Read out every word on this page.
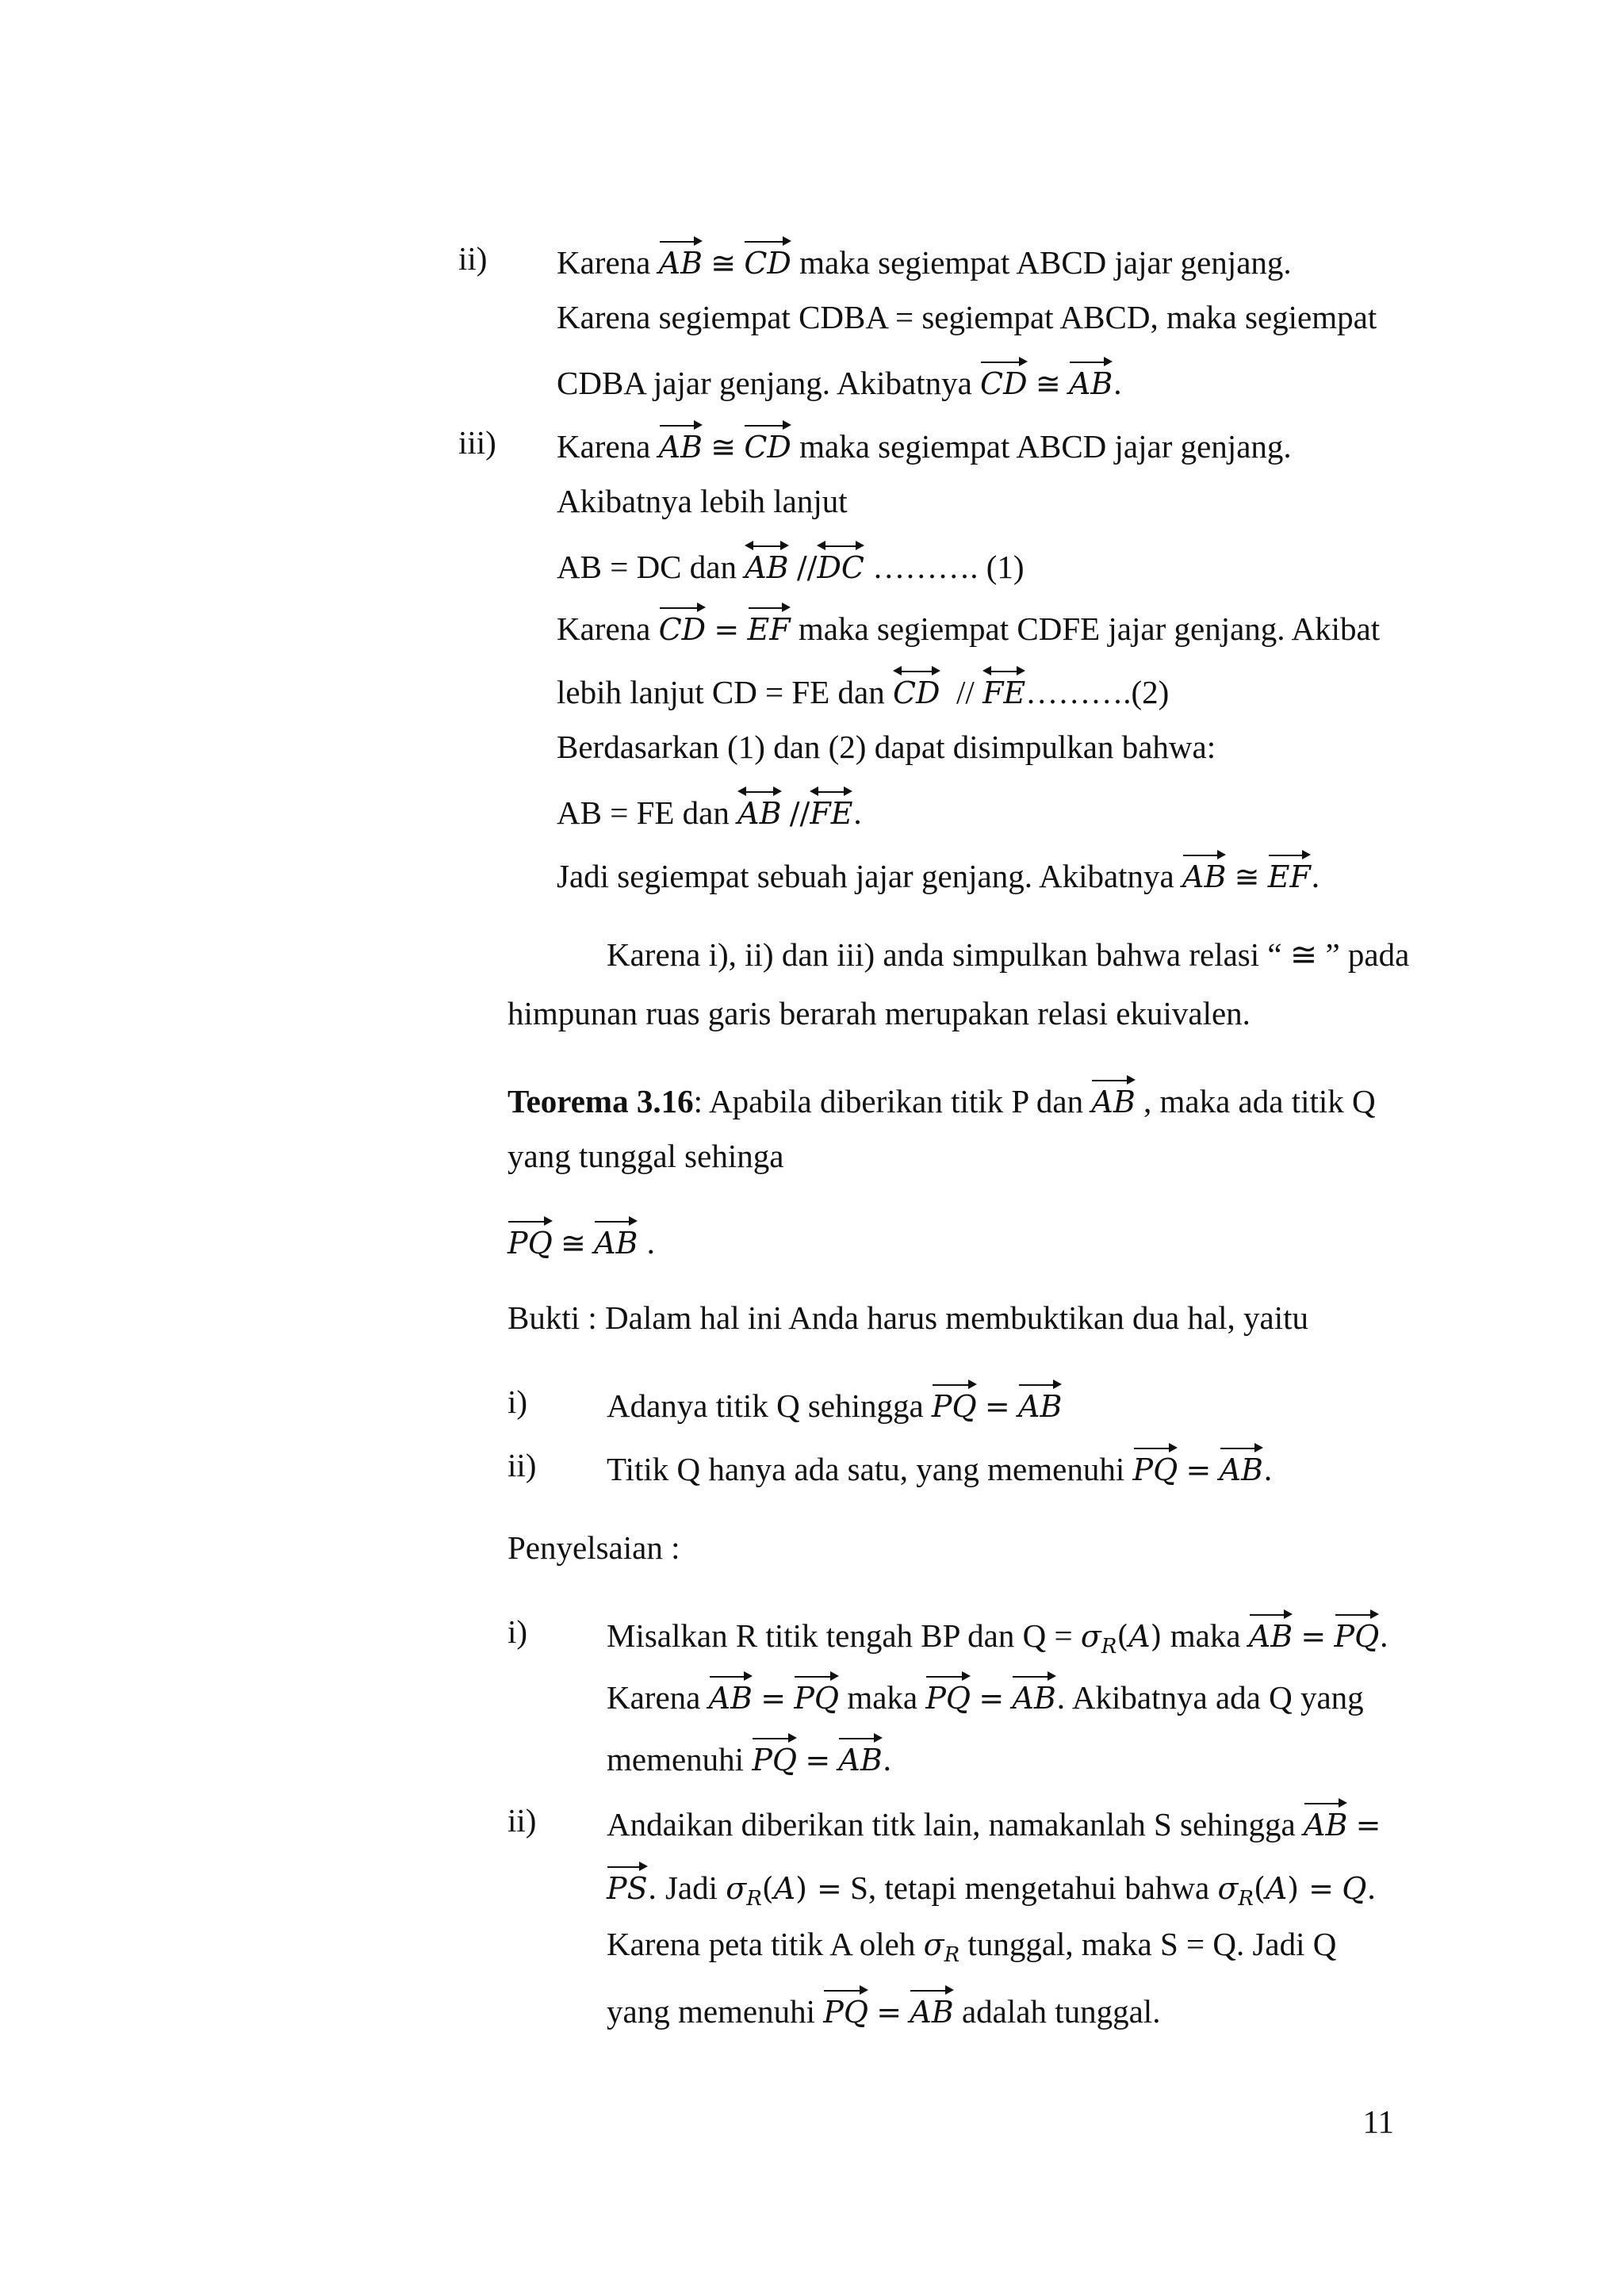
ii) Karena AB ≅ CD maka segiempat ABCD jajar genjang.
Karena segiempat CDBA = segiempat ABCD, maka segiempat
CDBA jajar genjang. Akibatnya CD ≅ AB.
iii) Karena AB ≅ CD maka segiempat ABCD jajar genjang.
Akibatnya lebih lanjut
AB = DC dan AB //
DC ………. (1)
Karena CD = EF maka segiempat CDFE jajar genjang. Akibat
lebih lanjut CD = FE dan CD // FE……….(2)
Berdasarkan (1) dan (2) dapat disimpulkan bahwa:
AB = FE dan AB //
FE.
Jadi segiempat sebuah jajar genjang. Akibatnya AB ≅ EF.
Karena i), ii) dan iii) anda simpulkan bahwa relasi “ ≅ ” pada
himpunan ruas garis berarah merupakan relasi ekuivalen.
Teorema 3.16: Apabila diberikan titik P dan AB , maka ada titik Q
yang tunggal sehinga
PQ ≅ AB .
Bukti : Dalam hal ini Anda harus membuktikan dua hal, yaitu
i) Adanya titik Q sehingga PQ = AB
ii) Titik Q hanya ada satu, yang memenuhi PQ = AB.
Penyelsaian :
i) Misalkan R titik tengah BP dan $Q = \sigma_R(A)$ maka AB = PQ.
Karena AB = PQ maka PQ = AB. Akibatnya ada Q yang
memenuhi PQ = AB.
ii) Andaikan diberikan titk lain, namakanlah S sehingga AB =
PS. Jadi $\sigma_R(A) = S$, tetapi mengetahui bahwa $\sigma_R(A) = Q$.
Karena peta titik A oleh $\sigma_R$ tunggal, maka S = Q. Jadi Q
yang memenuhi PQ = AB adalah tunggal.
11
